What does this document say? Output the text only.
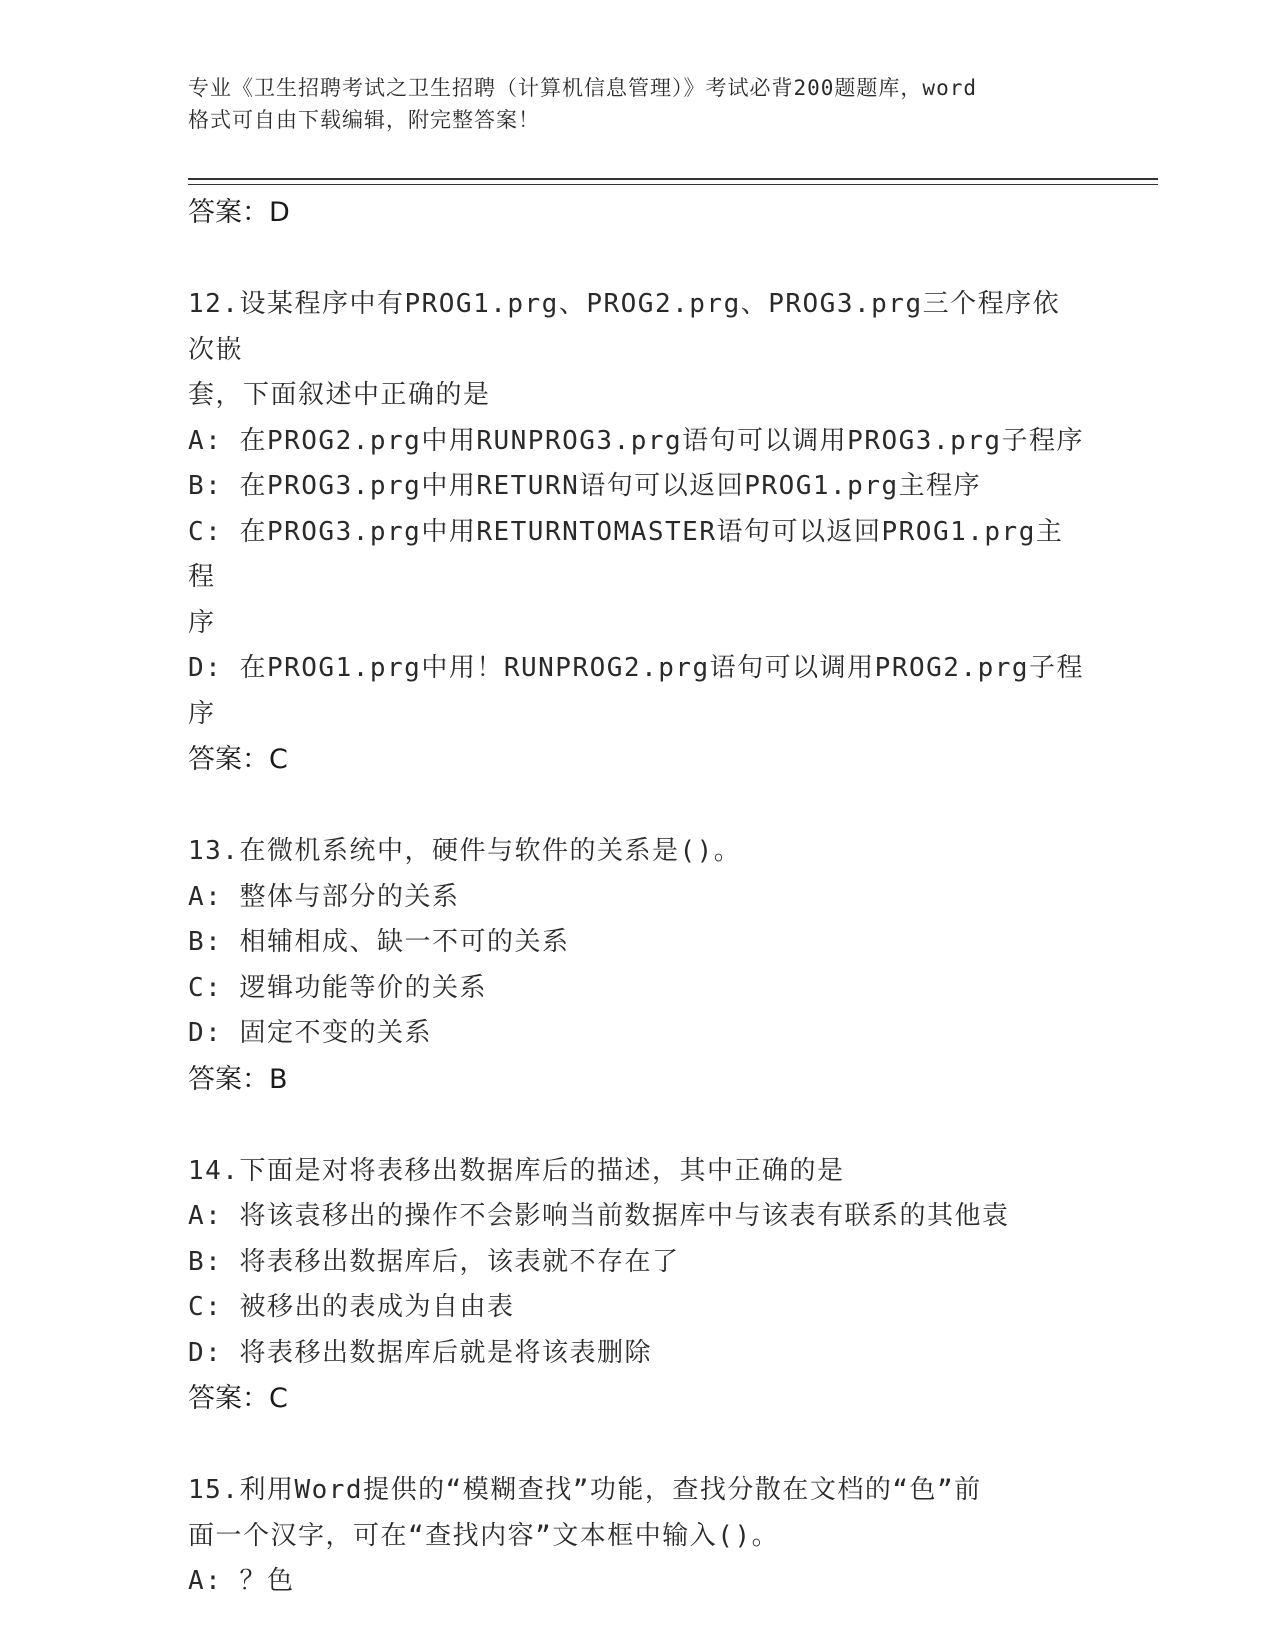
专业《卫生招聘考试之卫生招聘（计算机信息管理）》考试必背200题题库，word
格式可自由下载编辑，附完整答案！

答案：D

12.设某程序中有PROG1.prg、PROG2.prg、PROG3.prg三个程序依次嵌

套，下面叙述中正确的是

A: 在PROG2.prg中用RUNPROG3.prg语句可以调用PROG3.prg子程序

B: 在PROG3.prg中用RETURN语句可以返回PROG1.prg主程序

C: 在PROG3.prg中用RETURNTOMASTER语句可以返回PROG1.prg主程

序

D: 在PROG1.prg中用！RUNPROG2.prg语句可以调用PROG2.prg子程序

答案：C

13.在微机系统中，硬件与软件的关系是()。

A: 整体与部分的关系

B: 相辅相成、缺一不可的关系

C: 逻辑功能等价的关系

D: 固定不变的关系

答案：B

14.下面是对将表移出数据库后的描述，其中正确的是

A: 将该袁移出的操作不会影响当前数据库中与该表有联系的其他袁

B: 将表移出数据库后，该表就不存在了

C: 被移出的表成为自由表

D: 将表移出数据库后就是将该表删除

答案：C

15.利用Word提供的“模糊查找”功能，查找分散在文档的“色”前

面一个汉字，可在“查找内容”文本框中输入()。

A: ？色
